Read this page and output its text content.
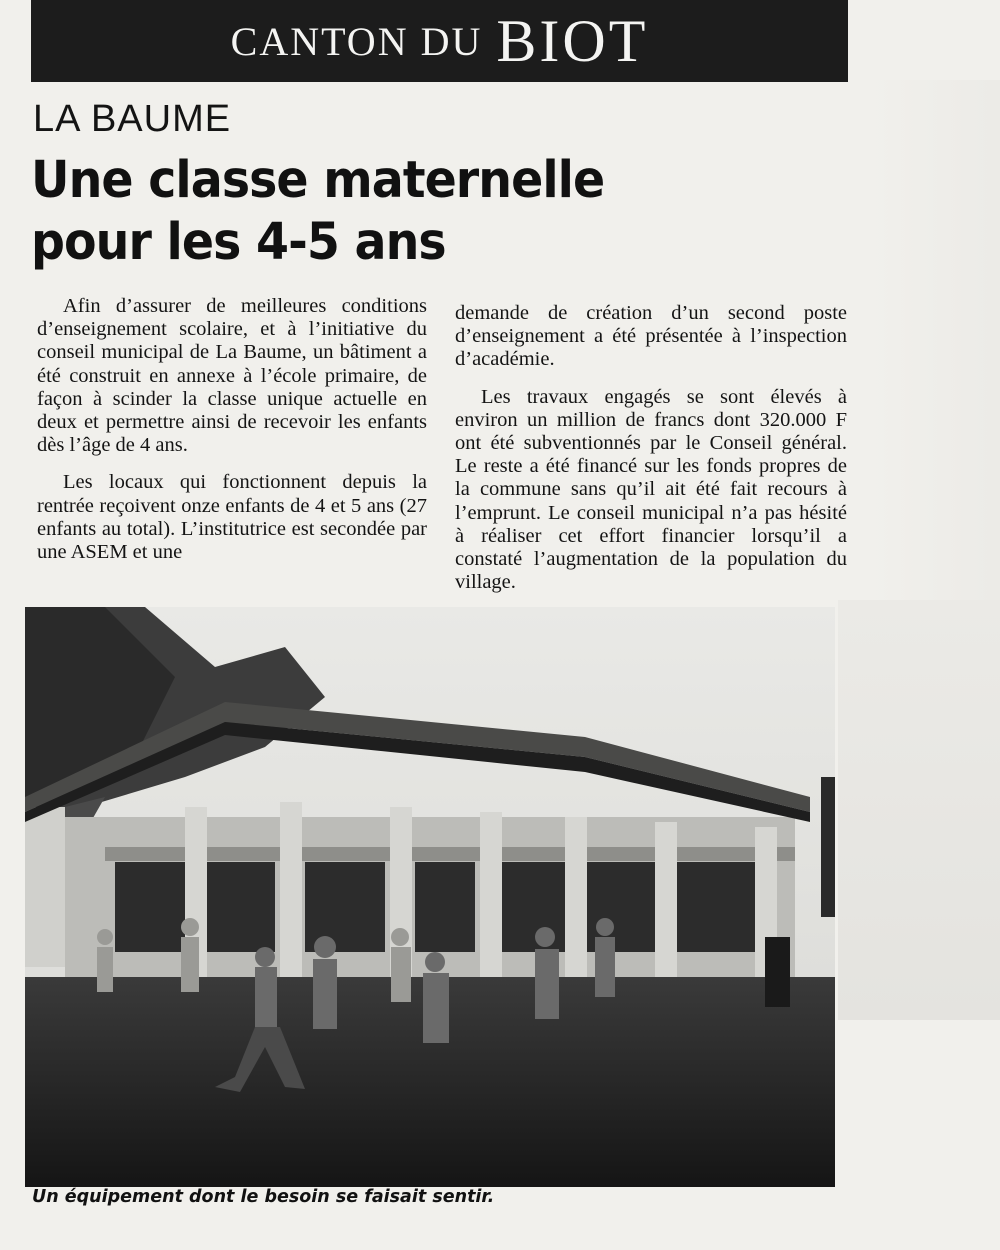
CANTON DU BIOT
LA BAUME
Une classe maternelle pour les 4-5 ans

Afin d’assurer de meilleures conditions d’enseignement scolaire, et à l’initiative du conseil municipal de La Baume, un bâtiment a été construit en annexe à l’école primaire, de façon à scinder la classe unique actuelle en deux et permettre ainsi de recevoir les enfants dès l’âge de 4 ans.

Les locaux qui fonctionnent depuis la rentrée reçoivent onze enfants de 4 et 5 ans (27 enfants au total). L’institutrice est secondée par une ASEM et une

demande de création d’un second poste d’enseignement a été présentée à l’inspection d’académie.

Les travaux engagés se sont élevés à environ un million de francs dont 320.000 F ont été subventionnés par le Conseil général. Le reste a été financé sur les fonds propres de la commune sans qu’il ait été fait recours à l’emprunt. Le conseil municipal n’a pas hésité à réaliser cet effort financier lorsqu’il a constaté l’augmentation de la population du village.

Un équipement dont le besoin se faisait sentir.
